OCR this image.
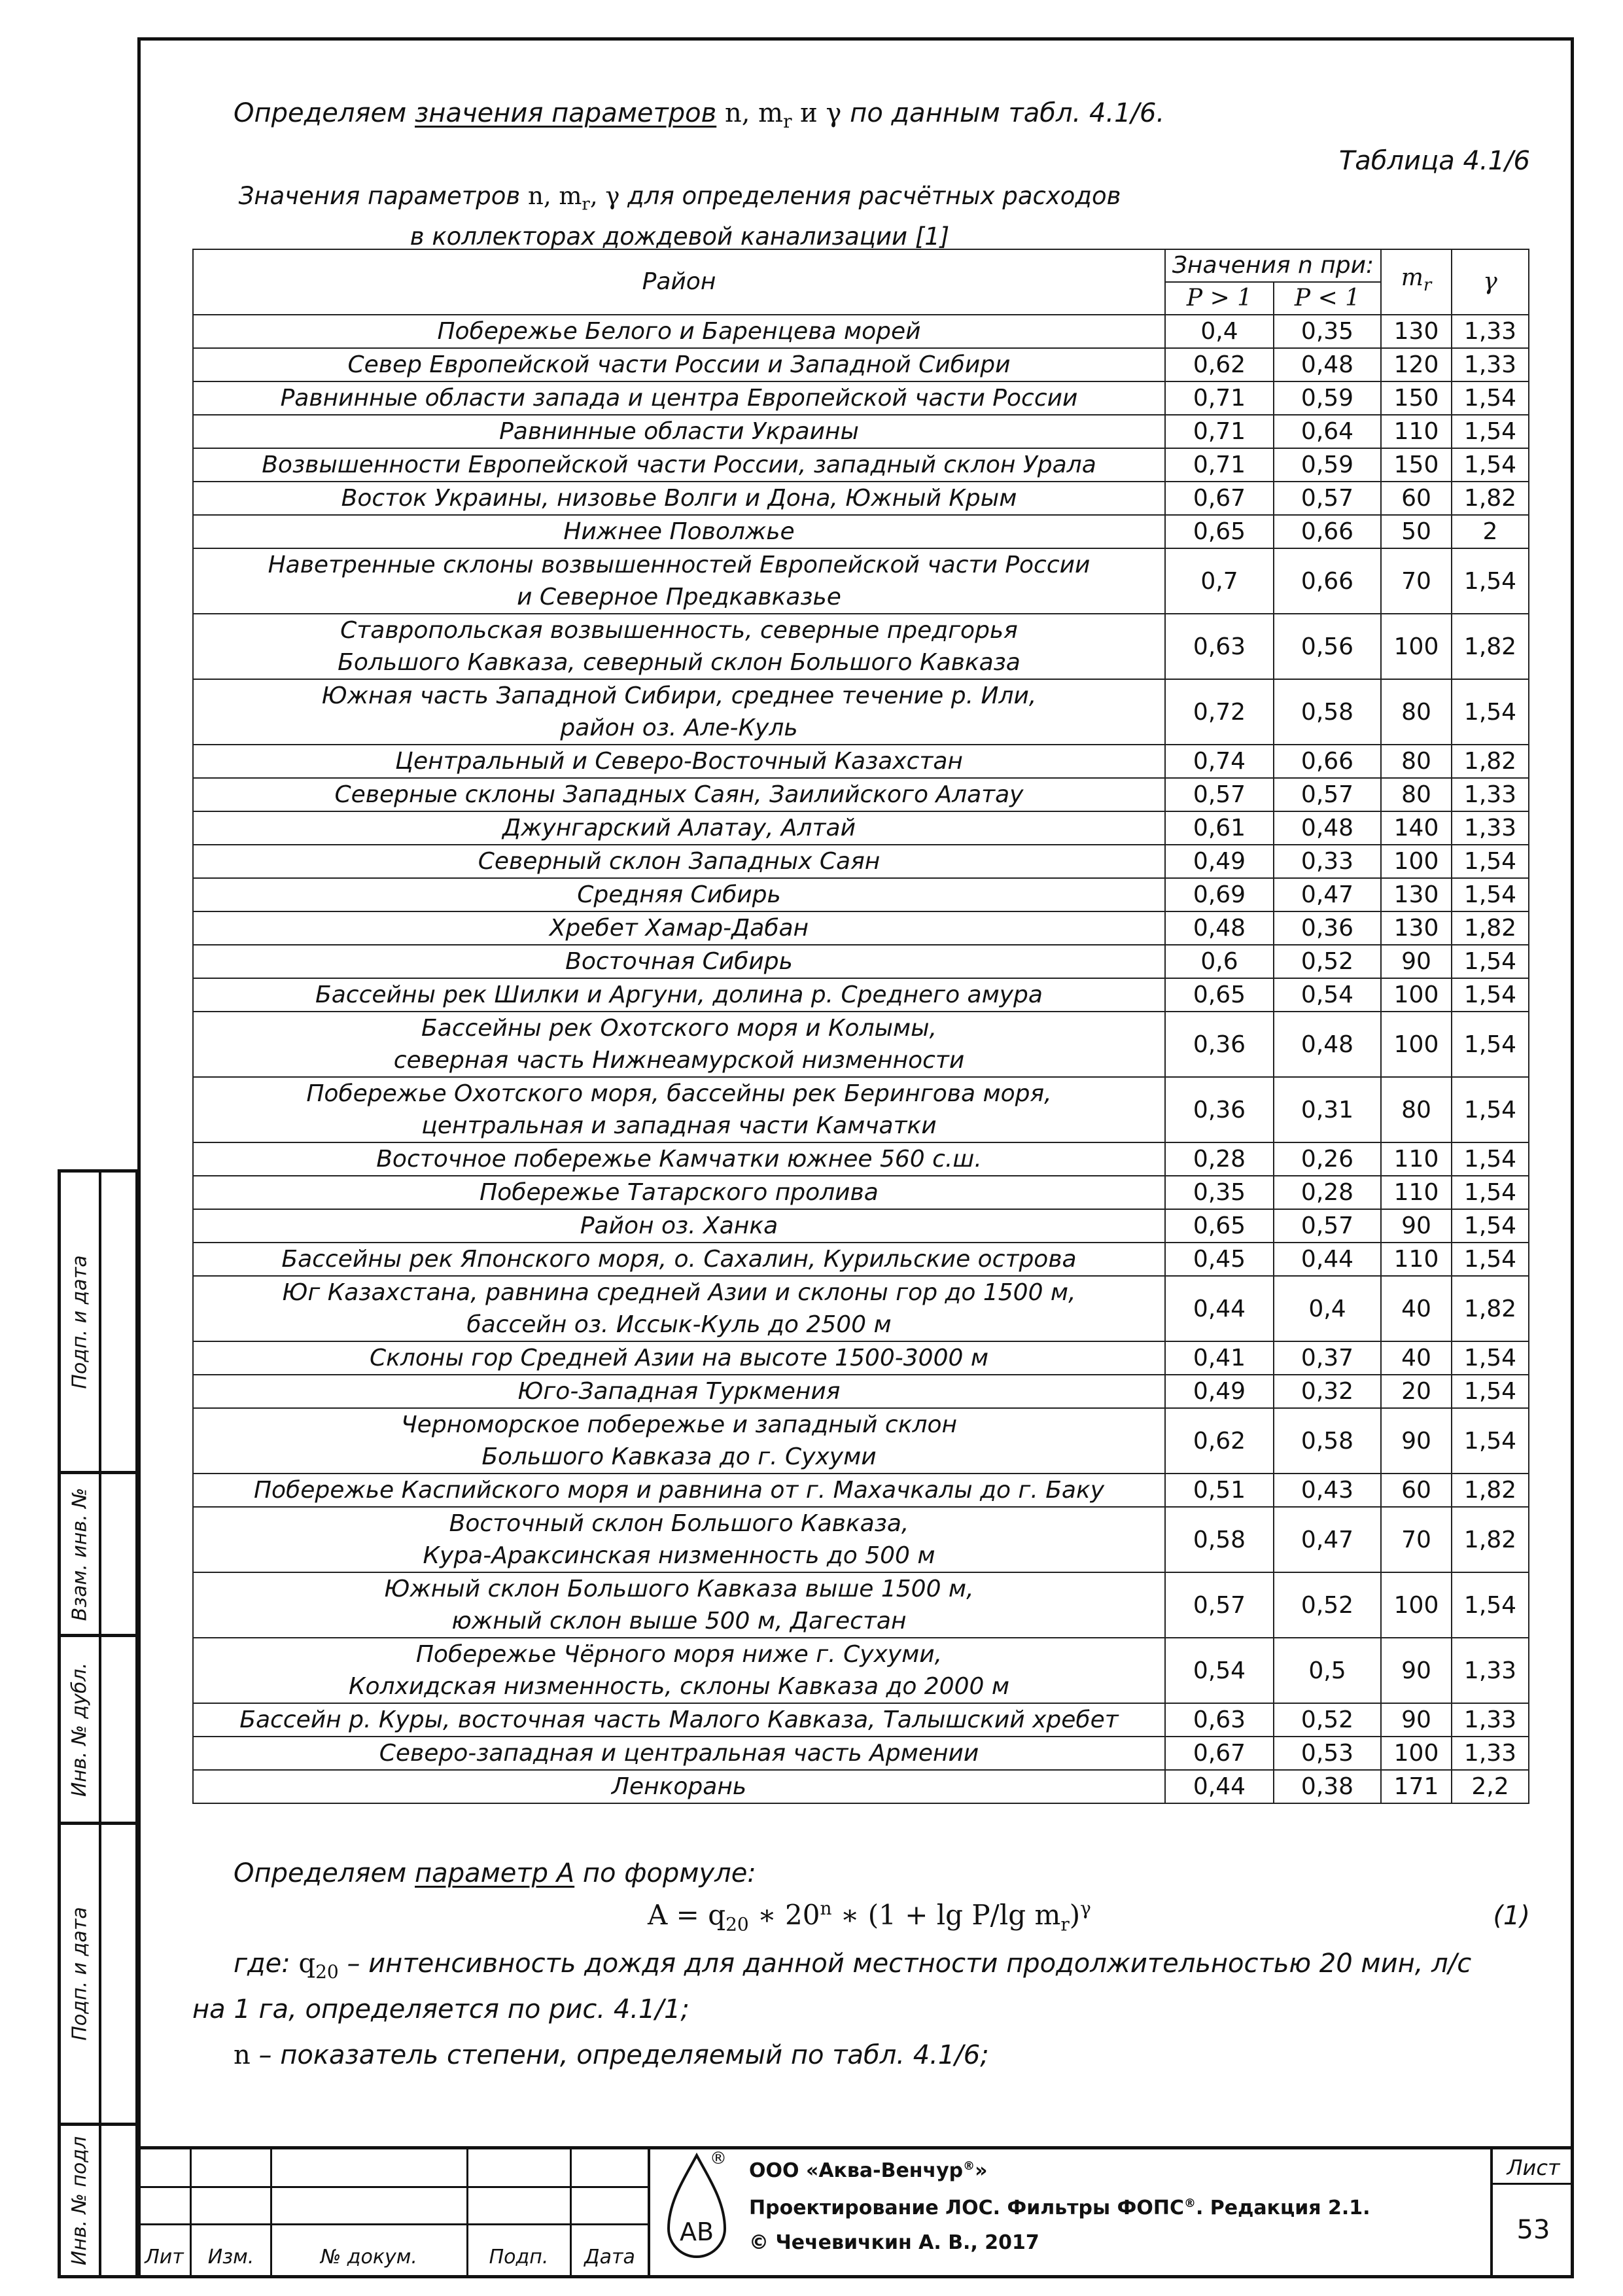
Подп. и дата
Взам. инв. №
Инв. № дубл.
Подп. и дата
Инв. № подл
Определяем значения параметров n, $m_r$ и γ по данным табл. 4.1/6.
Таблица 4.1/6
Значения параметров n, $m_r$, γ для определения расчётных расходов
в коллекторах дождевой канализации [1]
Район	Значения n при:		$m_r$	γ
	P > 1	P < 1		

Побережье Белого и Баренцева морей	0,4	0,35	130	1,33

Север Европейской части России и Западной Сибири	0,62	0,48	120	1,33

Равнинные области запада и центра Европейской части России	0,71	0,59	150	1,54

Равнинные области Украины	0,71	0,64	110	1,54

Возвышенности Европейской части России, западный склон Урала	0,71	0,59	150	1,54

Восток Украины, низовье Волги и Дона, Южный Крым	0,67	0,57	60	1,82

Нижнее Поволжье	0,65	0,66	50	2

Наветренные склоны возвышенностей Европейской части России
и Северное Предкавказье	0,7	0,66	70	1,54

Ставропольская возвышенность, северные предгорья
Большого Кавказа, северный склон Большого Кавказа	0,63	0,56	100	1,82

Южная часть Западной Сибири, среднее течение р. Или,
район оз. Але-Куль	0,72	0,58	80	1,54

Центральный и Северо-Восточный Казахстан	0,74	0,66	80	1,82

Северные склоны Западных Саян, Заилийского Алатау	0,57	0,57	80	1,33

Джунгарский Алатау, Алтай	0,61	0,48	140	1,33

Северный склон Западных Саян	0,49	0,33	100	1,54

Средняя Сибирь	0,69	0,47	130	1,54

Хребет Хамар-Дабан	0,48	0,36	130	1,82

Восточная Сибирь	0,6	0,52	90	1,54

Бассейны рек Шилки и Аргуни, долина р. Среднего амура	0,65	0,54	100	1,54

Бассейны рек Охотского моря и Колымы,
северная часть Нижнеамурской низменности	0,36	0,48	100	1,54

Побережье Охотского моря, бассейны рек Берингова моря,
центральная и западная части Камчатки	0,36	0,31	80	1,54

Восточное побережье Камчатки южнее 560 с.ш.	0,28	0,26	110	1,54

Побережье Татарского пролива	0,35	0,28	110	1,54

Район оз. Ханка	0,65	0,57	90	1,54

Бассейны рек Японского моря, о. Сахалин, Курильские острова	0,45	0,44	110	1,54

Юг Казахстана, равнина средней Азии и склоны гор до 1500 м,
бассейн оз. Иссык-Куль до 2500 м	0,44	0,4	40	1,82

Склоны гор Средней Азии на высоте 1500-3000 м	0,41	0,37	40	1,54

Юго-Западная Туркмения	0,49	0,32	20	1,54

Черноморское побережье и западный склон
Большого Кавказа до г. Сухуми	0,62	0,58	90	1,54

Побережье Каспийского моря и равнина от г. Махачкалы до г. Баку	0,51	0,43	60	1,82

Восточный склон Большого Кавказа,
Кура-Араксинская низменность до 500 м	0,58	0,47	70	1,82

Южный склон Большого Кавказа выше 1500 м,
южный склон выше 500 м, Дагестан	0,57	0,52	100	1,54

Побережье Чёрного моря ниже г. Сухуми,
Колхидская низменность, склоны Кавказа до 2000 м	0,54	0,5	90	1,33

Бассейн р. Куры, восточная часть Малого Кавказа, Талышский хребет	0,63	0,52	90	1,33

Северо-западная и центральная часть Армении	0,67	0,53	100	1,33

Ленкорань	0,44	0,38	171	2,2
Определяем параметр A по формуле:
$A = q_{20}$ ∗ 20$^n$ ∗ (1 + lg P/lg $m_r)^\gamma$	(1)
где: $q_{20}$ – интенсивность дождя для данной местности продолжительностью 20 мин, л/с
на 1 га, определяется по рис. 4.1/1;
n – показатель степени, определяемый по табл. 4.1/6;
Лит	Изм.	№ докум.	Подп.	Дата
АВ
®
ООО «Аква-Венчур®»
Проектирование ЛОС. Фильтры ФОПС®. Редакция 2.1.
© Чечевичкин А. В., 2017
Лист
53
